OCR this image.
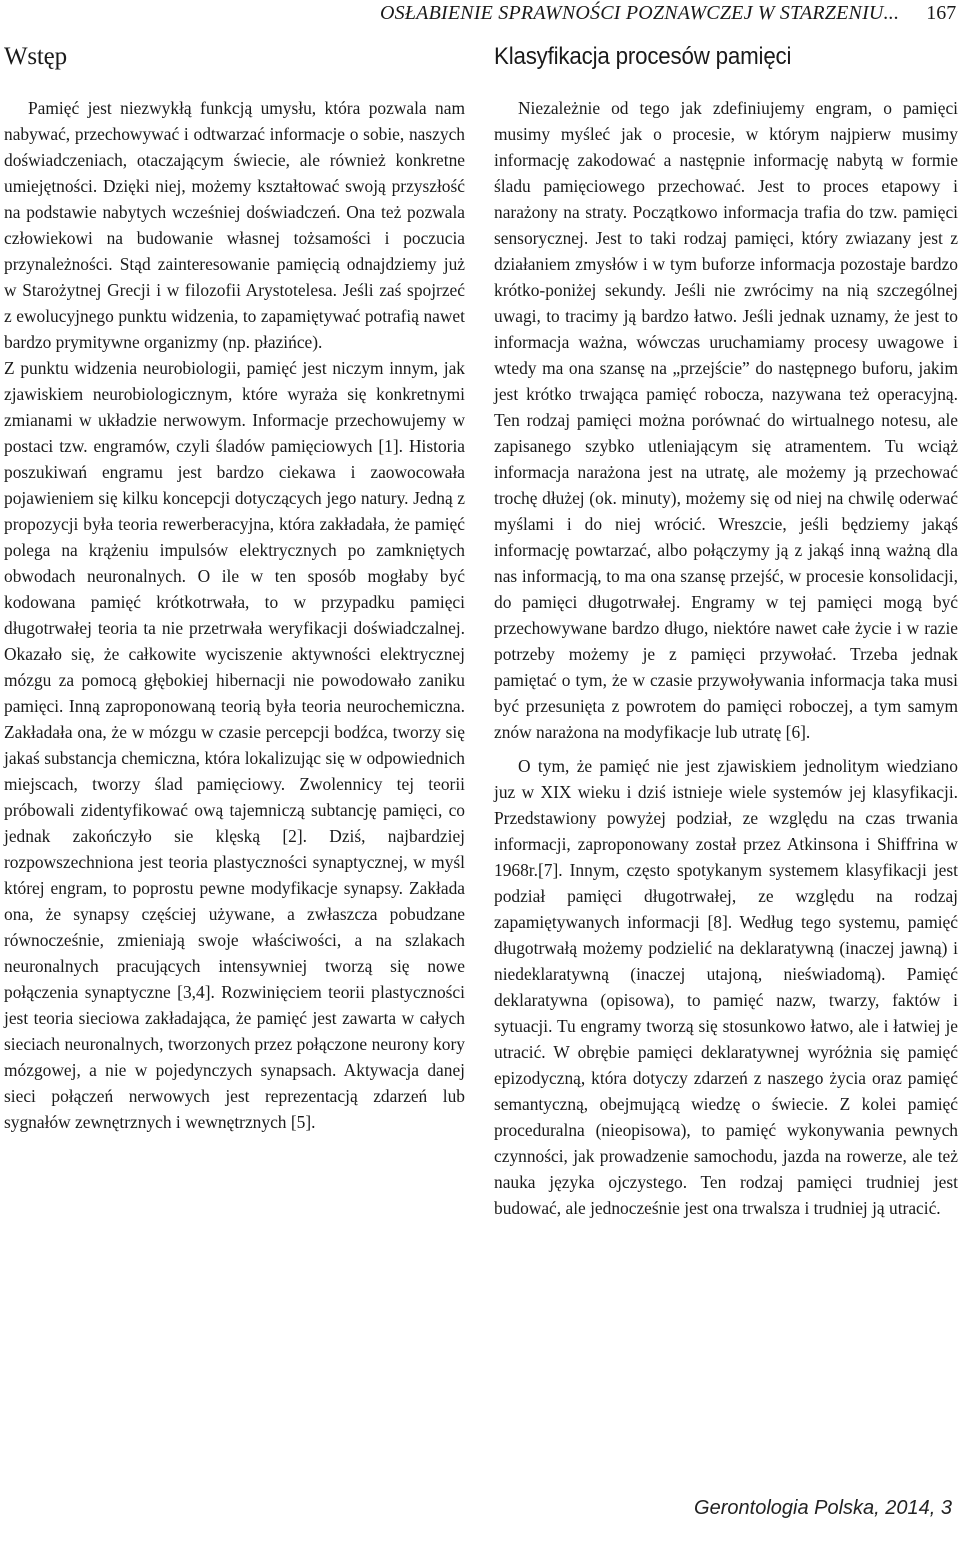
OSŁABIENIE SPRAWNOŚCI POZNAWCZEJ W STARZENIU... 167
Wstęp

Pamięć jest niezwykłą funkcją umysłu, która pozwala nam nabywać, przechowywać i odtwarzać informacje o sobie, naszych doświadczeniach, otaczającym świecie, ale również konkretne umiejętności. Dzięki niej, możemy kształtować swoją przyszłość na podstawie nabytych wcześniej doświadczeń. Ona też pozwala człowiekowi na budowanie własnej tożsamości i poczucia przynależności. Stąd zainteresowanie pamięcią odnajdziemy już w Starożytnej Grecji i w filozofii Arystotelesa. Jeśli zaś spojrzeć z ewolucyjnego punktu widzenia, to zapamiętywać potrafią nawet bardzo prymitywne organizmy (np. płazińce).

Z punktu widzenia neurobiologii, pamięć jest niczym innym, jak zjawiskiem neurobiologicznym, które wyraża się konkretnymi zmianami w układzie nerwowym. Informacje przechowujemy w postaci tzw. engramów, czyli śladów pamięciowych [1]. Historia poszukiwań engramu jest bardzo ciekawa i zaowocowała pojawieniem się kilku koncepcji dotyczących jego natury. Jedną z propozycji była teoria rewerberacyjna, która zakładała, że pamięć polega na krążeniu impulsów elektrycznych po zamkniętych obwodach neuronalnych. O ile w ten sposób mogłaby być kodowana pamięć krótkotrwała, to w przypadku pamięci długotrwałej teoria ta nie przetrwała weryfikacji doświadczalnej. Okazało się, że całkowite wyciszenie aktywności elektrycznej mózgu za pomocą głębokiej hibernacji nie powodowało zaniku pamięci. Inną zaproponowaną teorią była teoria neurochemiczna. Zakładała ona, że w mózgu w czasie percepcji bodźca, tworzy się jakaś substancja chemiczna, która lokalizując się w odpowiednich miejscach, tworzy ślad pamięciowy. Zwolennicy tej teorii próbowali zidentyfikować ową tajemniczą subtancję pamięci, co jednak zakończyło sie klęską [2]. Dziś, najbardziej rozpowszechniona jest teoria plastyczności synaptycznej, w myśl której engram, to poprostu pewne modyfikacje synapsy. Zakłada ona, że synapsy częściej używane, a zwłaszcza pobudzane równocześnie, zmieniają swoje właściwości, a na szlakach neuronalnych pracujących intensywniej tworzą się nowe połączenia synaptyczne [3,4]. Rozwinięciem teorii plastyczności jest teoria sieciowa zakładająca, że pamięć jest zawarta w całych sieciach neuronalnych, tworzonych przez połączone neurony kory mózgowej, a nie w pojedynczych synapsach. Aktywacja danej sieci połączeń nerwowych jest reprezentacją zdarzeń lub sygnałów zewnętrznych i wewnętrznych [5].

Klasyfikacja procesów pamięci

Niezależnie od tego jak zdefiniujemy engram, o pamięci musimy myśleć jak o procesie, w którym najpierw musimy informację zakodować a następnie informację nabytą w formie śladu pamięciowego przechować. Jest to proces etapowy i narażony na straty. Początkowo informacja trafia do tzw. pamięci sensorycznej. Jest to taki rodzaj pamięci, który zwiazany jest z działaniem zmysłów i w tym buforze informacja pozostaje bardzo krótko-poniżej sekundy. Jeśli nie zwrócimy na nią szczególnej uwagi, to tracimy ją bardzo łatwo. Jeśli jednak uznamy, że jest to informacja ważna, wówczas uruchamiamy procesy uwagowe i wtedy ma ona szansę na „przejście” do następnego buforu, jakim jest krótko trwająca pamięć robocza, nazywana też operacyjną. Ten rodzaj pamięci można porównać do wirtualnego notesu, ale zapisanego szybko utleniającym się atramentem. Tu wciąż informacja narażona jest na utratę, ale możemy ją przechować trochę dłużej (ok. minuty), możemy się od niej na chwilę oderwać myślami i do niej wrócić. Wreszcie, jeśli będziemy jakąś informację powtarzać, albo połączymy ją z jakąś inną ważną dla nas informacją, to ma ona szansę przejść, w procesie konsolidacji, do pamięci długotrwałej. Engramy w tej pamięci mogą być przechowywane bardzo długo, niektóre nawet całe życie i w razie potrzeby możemy je z pamięci przywołać. Trzeba jednak pamiętać o tym, że w czasie przywoływania informacja taka musi być przesunięta z powrotem do pamięci roboczej, a tym samym znów narażona na modyfikacje lub utratę [6].

O tym, że pamięć nie jest zjawiskiem jednolitym wiedziano juz w XIX wieku i dziś istnieje wiele systemów jej klasyfikacji. Przedstawiony powyżej podział, ze względu na czas trwania informacji, zaproponowany został przez Atkinsona i Shiffrina w 1968r.[7]. Innym, często spotykanym systemem klasyfikacji jest podział pamięci długotrwałej, ze względu na rodzaj zapamiętywanych informacji [8]. Według tego systemu, pamięć długotrwałą możemy podzielić na deklaratywną (inaczej jawną) i niedeklaratywną (inaczej utajoną, nieświadomą). Pamięć deklaratywna (opisowa), to pamięć nazw, twarzy, faktów i sytuacji. Tu engramy tworzą się stosunkowo łatwo, ale i łatwiej je utracić. W obrębie pamięci deklaratywnej wyróżnia się pamięć epizodyczną, która dotyczy zdarzeń z naszego życia oraz pamięć semantyczną, obejmującą wiedzę o świecie. Z kolei pamięć proceduralna (nieopisowa), to pamięć wykonywania pewnych czynności, jak prowadzenie samochodu, jazda na rowerze, ale też nauka języka ojczystego. Ten rodzaj pamięci trudniej jest budować, ale jednocześnie jest ona trwalsza i trudniej ją utracić.

Gerontologia Polska, 2014, 3
